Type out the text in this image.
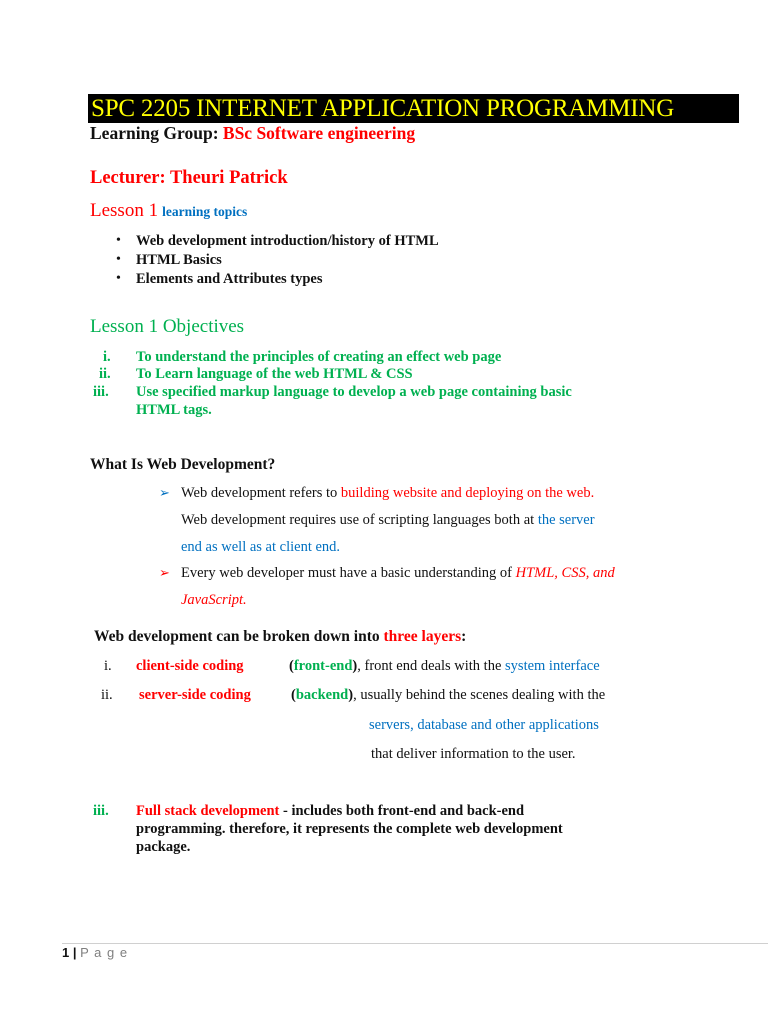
SPC 2205 INTERNET APPLICATION PROGRAMMING
Learning Group: BSc Software engineering
Lecturer: Theuri Patrick
Lesson 1 learning topics
• Web development introduction/history of HTML
• HTML Basics
• Elements and Attributes types
Lesson 1 Objectives
i. To understand the principles of creating an effect web page
ii. To Learn language of the web HTML & CSS
iii. Use specified markup language to develop a web page containing basic
HTML tags.
What Is Web Development?
➢ Web development refers to building website and deploying on the web.
Web development requires use of scripting languages both at the server
end as well as at client end.
➢ Every web developer must have a basic understanding of HTML, CSS, and
JavaScript.
Web development can be broken down into three layers:
i. client-side coding	(front-end), front end deals with the system interface
ii. server-side coding	(backend), usually behind the scenes dealing with the
servers, database and other applications
that deliver information to the user.
iii. Full stack development - includes both front-end and back-end
programming. therefore, it represents the complete web development
package.
1 | P a g e
